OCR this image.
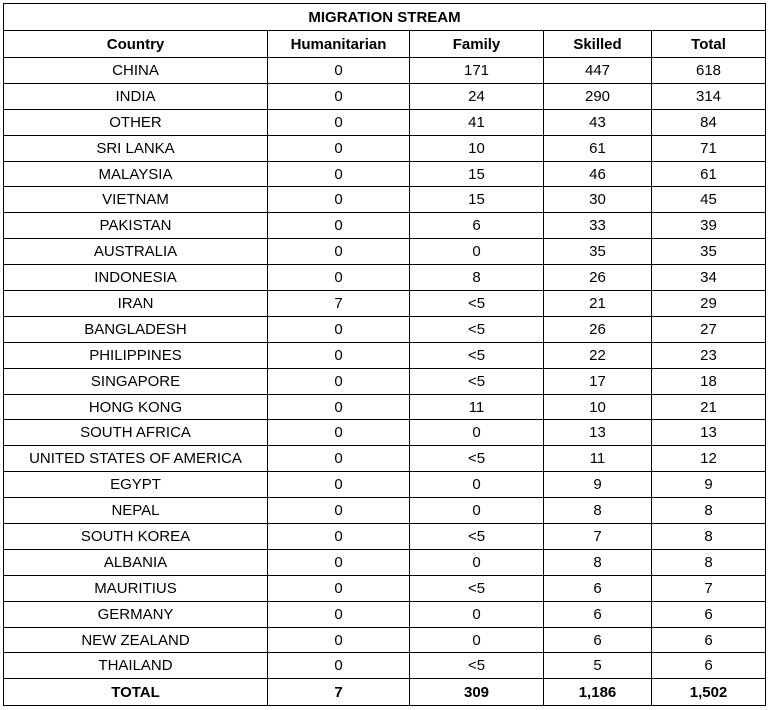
MIGRATION STREAM				
Country	Humanitarian	Family	Skilled	Total
CHINA	0	171	447	618
INDIA	0	24	290	314
OTHER	0	41	43	84
SRI LANKA	0	10	61	71
MALAYSIA	0	15	46	61
VIETNAM	0	15	30	45
PAKISTAN	0	6	33	39
AUSTRALIA	0	0	35	35
INDONESIA	0	8	26	34
IRAN	7	<5	21	29
BANGLADESH	0	<5	26	27
PHILIPPINES	0	<5	22	23
SINGAPORE	0	<5	17	18
HONG KONG	0	11	10	21
SOUTH AFRICA	0	0	13	13
UNITED STATES OF AMERICA	0	<5	11	12
EGYPT	0	0	9	9
NEPAL	0	0	8	8
SOUTH KOREA	0	<5	7	8
ALBANIA	0	0	8	8
MAURITIUS	0	<5	6	7
GERMANY	0	0	6	6
NEW ZEALAND	0	0	6	6
THAILAND	0	<5	5	6
TOTAL	7	309	1,186	1,502
